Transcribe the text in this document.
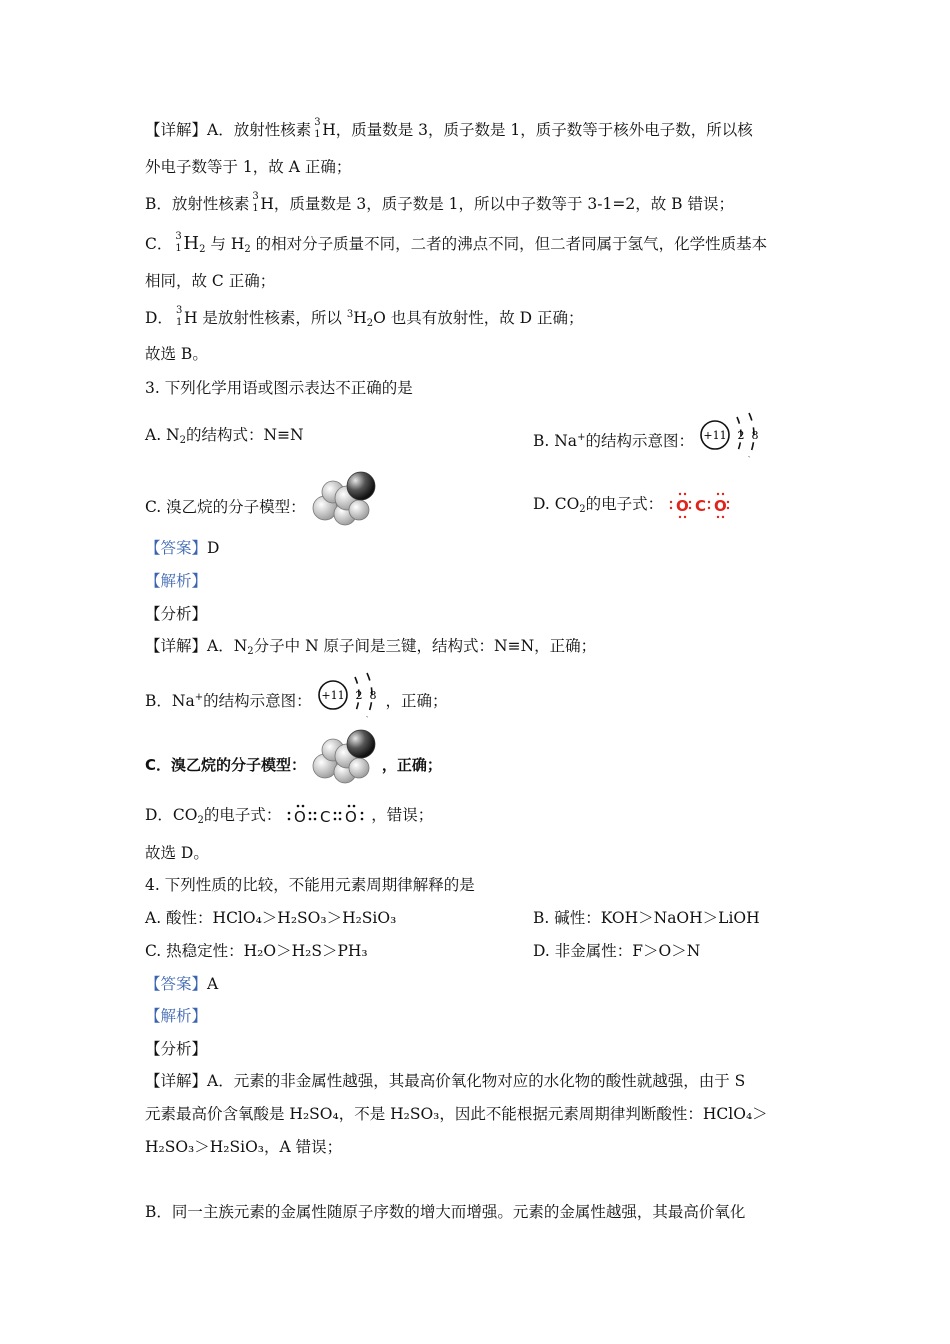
【详解】A．放射性核素 3
1 H，质量数是 3，质子数是 1，质子数等于核外电子数，所以核
外电子数等于 1，故 A 正确；
B．放射性核素 3
1 H，质量数是 3，质子数是 1，所以中子数等于 3-1=2，故 B 错误；
C． 3
1 $H_2$ 与 $H_2$ 的相对分子质量不同，二者的沸点不同，但二者同属于氢气，化学性质基本
相同，故 C 正确；
D． 3
1 H 是放射性核素，所以 $^3H_2O$ 也具有放射性，故 D 正确；
故选 B。
3. 下列化学用语或图示表达不正确的是
A. $N_2$的结构式：N≡N	B. Na+的结构示意图： +11 2 8
C. 溴乙烷的分子模型：	D. $CO_2$的电子式： O C O
【答案】D
【解析】
【分析】
【详解】A．$N_2$分子中 N 原子间是三键，结构式：N≡N，正确；
B．Na+的结构示意图： +11 2 8 ，正确；
C．溴乙烷的分子模型：	，正确；
D．$CO_2$的电子式： O C O ，错误；
故选 D。
4. 下列性质的比较，不能用元素周期律解释的是
A. 酸性：HClO₄＞H₂SO₃＞H₂SiO₃	B. 碱性：KOH＞NaOH＞LiOH
C. 热稳定性：H₂O＞H₂S＞PH₃	D. 非金属性：F＞O＞N
【答案】A
【解析】
【分析】
【详解】A．元素的非金属性越强，其最高价氧化物对应的水化物的酸性就越强，由于 S
元素最高价含氧酸是 H₂SO₄，不是 H₂SO₃，因此不能根据元素周期律判断酸性：HClO₄＞
H₂SO₃＞H₂SiO₃，A 错误；
B．同一主族元素的金属性随原子序数的增大而增强。元素的金属性越强，其最高价氧化
